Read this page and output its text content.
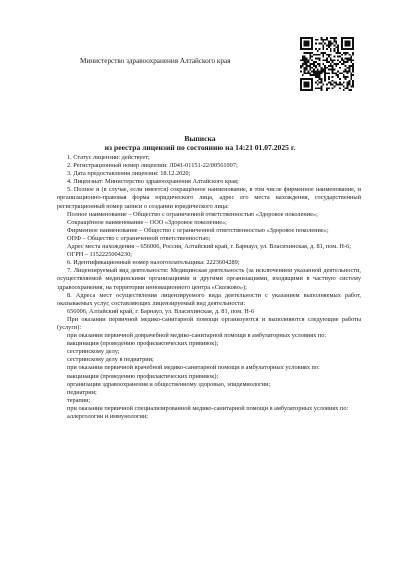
Министерство здравоохранения Алтайского края
Выписка
из реестра лицензий по состоянию на 14:21 01.07.2025 г.

1. Статус лицензии: действует;

2. Регистрационный номер лицензии: Л041-01151-22/00561007;

3. Дата предоставления лицензии: 18.12.2020;

4. Лицензиат: Министерство здравоохранения Алтайского края;

5. Полное и (в случае, если имеется) сокращённое наименование, в том числе фирменное наименование, и организационно-правовая форма юридического лица, адрес его места нахождения, государственный регистрационный номер записи о создании юридического лица:

Полное наименование – Общество с ограниченной ответственностью «Здоровое поколение»;

Сокращённое наименование – ООО «Здоровое поколение»;

Фирменное наименование – Общество с ограниченной ответственностью «Здоровое поколение»;

ОПФ – Общество с ограниченной ответственностью;

Адрес места нахождения – 656006, Россия, Алтайский край, г. Барнаул, ул. Власихинская, д. 81, пом. Н-6;

ОГРН – 1152225004230;

6. Идентификационный номер налогоплательщика: 2223604289;

7. Лицензируемый вид деятельности: Медицинская деятельность (за исключением указанной деятельности, осуществляемой медицинскими организациями и другими организациями, входящими в частную систему здравоохранения, на территории инновационного центра «Сколково»);

8. Адреса мест осуществления лицензируемого вида деятельности с указанием выполняемых работ, оказываемых услуг, составляющих лицензируемый вид деятельности:

656006, Алтайский край, г. Барнаул, ул. Власихинская, д. 81, пом. Н-6

При оказании первичной медико-санитарной помощи организуются и выполняются следующие работы (услуги):

при оказании первичной доврачебной медико-санитарной помощи в амбулаторных условиях по:

вакцинации (проведению профилактических прививок);

сестринскому делу;

сестринскому делу в педиатрии;

при оказании первичной врачебной медико-санитарной помощи в амбулаторных условиях по:

вакцинации (проведению профилактических прививок);

организации здравоохранения и общественному здоровью, эпидемиологии;

педиатрии;

терапии;

при оказании первичной специализированной медико-санитарной помощи в амбулаторных условиях по:

аллергологии и иммунологии;
